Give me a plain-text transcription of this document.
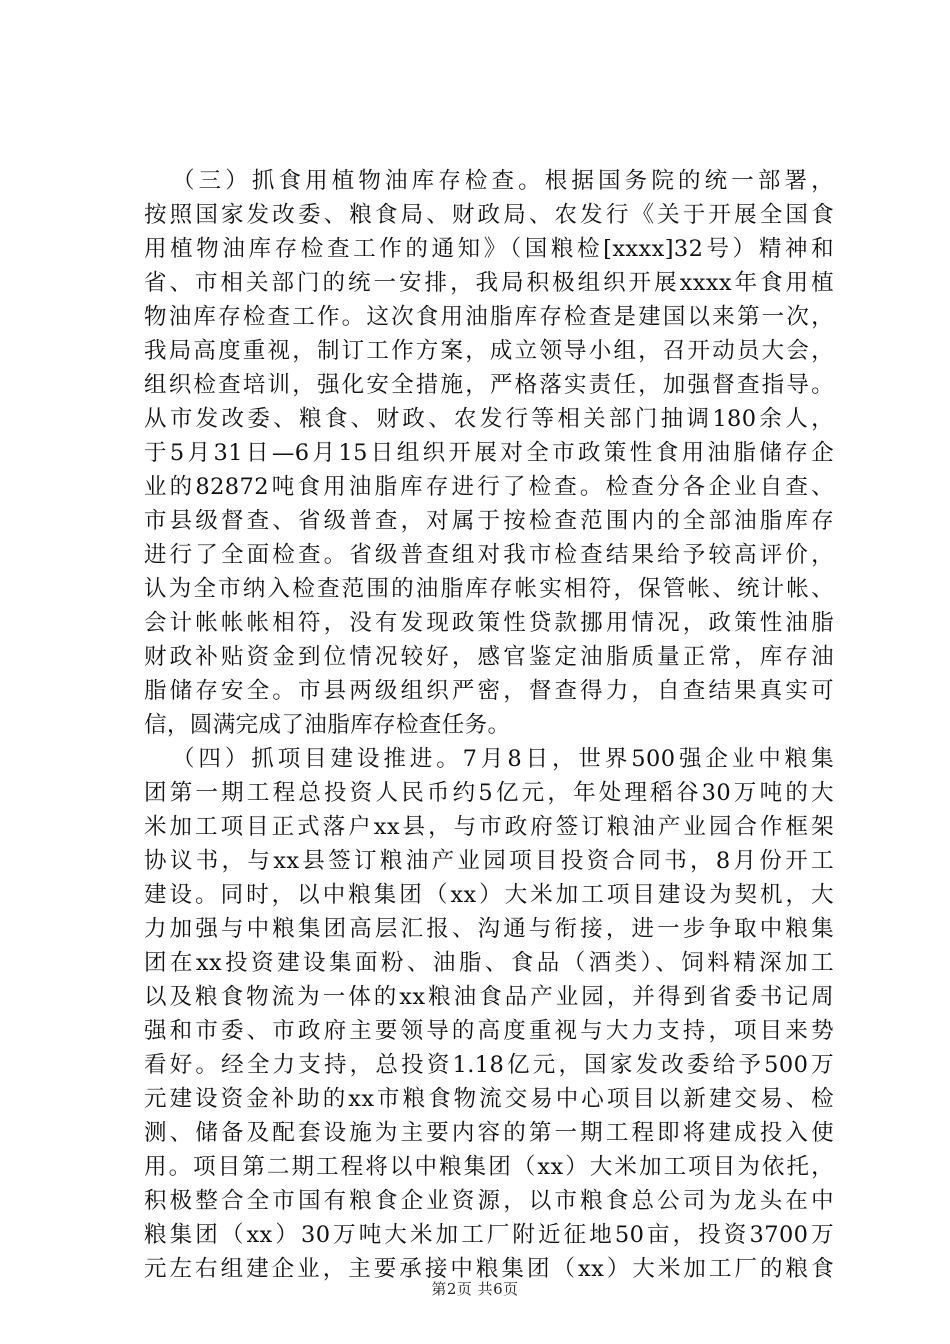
（三）抓食用植物油库存检查。根据国务院的统一部署，
按照国家发改委、粮食局、财政局、农发行《关于开展全国食
用植物油库存检查工作的通知》（国粮检[xxxx]32号）精神和
省、市相关部门的统一安排，我局积极组织开展xxxx年食用植
物油库存检查工作。这次食用油脂库存检查是建国以来第一次，
我局高度重视，制订工作方案，成立领导小组，召开动员大会，
组织检查培训，强化安全措施，严格落实责任，加强督查指导。
从市发改委、粮食、财政、农发行等相关部门抽调180余人，
于5月31日—6月15日组织开展对全市政策性食用油脂储存企
业的82872吨食用油脂库存进行了检查。检查分各企业自查、
市县级督查、省级普查，对属于按检查范围内的全部油脂库存
进行了全面检查。省级普查组对我市检查结果给予较高评价，
认为全市纳入检查范围的油脂库存帐实相符，保管帐、统计帐、
会计帐帐帐相符，没有发现政策性贷款挪用情况，政策性油脂
财政补贴资金到位情况较好，感官鉴定油脂质量正常，库存油
脂储存安全。市县两级组织严密，督查得力，自查结果真实可
信，圆满完成了油脂库存检查任务。
（四）抓项目建设推进。7月8日，世界500强企业中粮集
团第一期工程总投资人民币约5亿元，年处理稻谷30万吨的大
米加工项目正式落户xx县，与市政府签订粮油产业园合作框架
协议书，与xx县签订粮油产业园项目投资合同书，8月份开工
建设。同时，以中粮集团（xx）大米加工项目建设为契机，大
力加强与中粮集团高层汇报、沟通与衔接，进一步争取中粮集
团在xx投资建设集面粉、油脂、食品（酒类）、饲料精深加工
以及粮食物流为一体的xx粮油食品产业园，并得到省委书记周
强和市委、市政府主要领导的高度重视与大力支持，项目来势
看好。经全力支持，总投资1.18亿元，国家发改委给予500万
元建设资金补助的xx市粮食物流交易中心项目以新建交易、检
测、储备及配套设施为主要内容的第一期工程即将建成投入使
用。项目第二期工程将以中粮集团（xx）大米加工项目为依托，
积极整合全市国有粮食企业资源，以市粮食总公司为龙头在中
粮集团（xx）30万吨大米加工厂附近征地50亩，投资3700万
元左右组建企业，主要承接中粮集团（xx）大米加工厂的粮食
第2页 共6页
